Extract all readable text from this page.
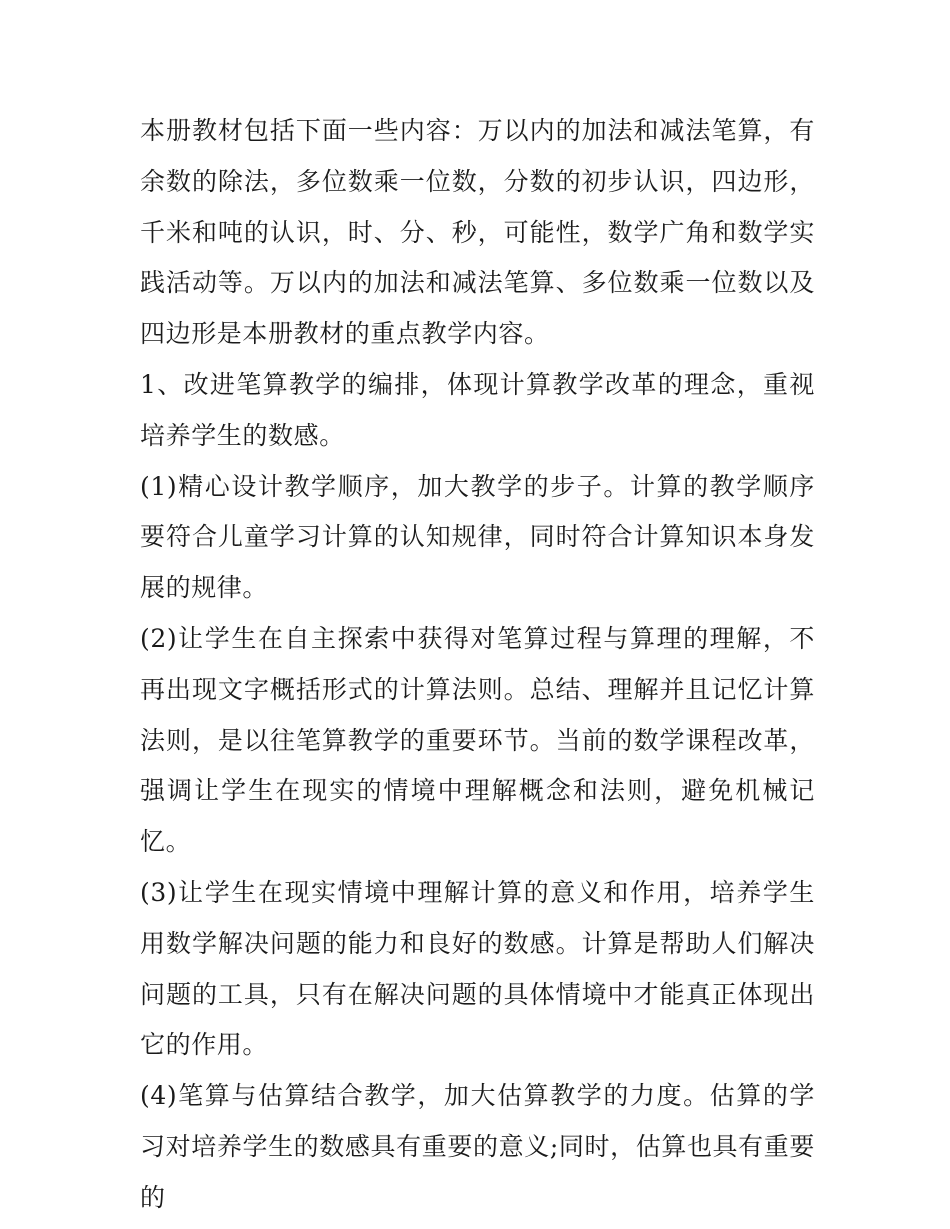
本册教材包括下面一些内容：万以内的加法和减法笔算，有余数的除法，多位数乘一位数，分数的初步认识，四边形，千米和吨的认识，时、分、秒，可能性，数学广角和数学实践活动等。万以内的加法和减法笔算、多位数乘一位数以及四边形是本册教材的重点教学内容。

1、改进笔算教学的编排，体现计算教学改革的理念，重视培养学生的数感。

(1)精心设计教学顺序，加大教学的步子。计算的教学顺序要符合儿童学习计算的认知规律，同时符合计算知识本身发展的规律。

(2)让学生在自主探索中获得对笔算过程与算理的理解，不再出现文字概括形式的计算法则。总结、理解并且记忆计算法则，是以往笔算教学的重要环节。当前的数学课程改革，强调让学生在现实的情境中理解概念和法则，避免机械记忆。

(3)让学生在现实情境中理解计算的意义和作用，培养学生用数学解决问题的能力和良好的数感。计算是帮助人们解决问题的工具，只有在解决问题的具体情境中才能真正体现出它的作用。

(4)笔算与估算结合教学，加大估算教学的力度。估算的学习对培养学生的数感具有重要的意义;同时，估算也具有重要的
